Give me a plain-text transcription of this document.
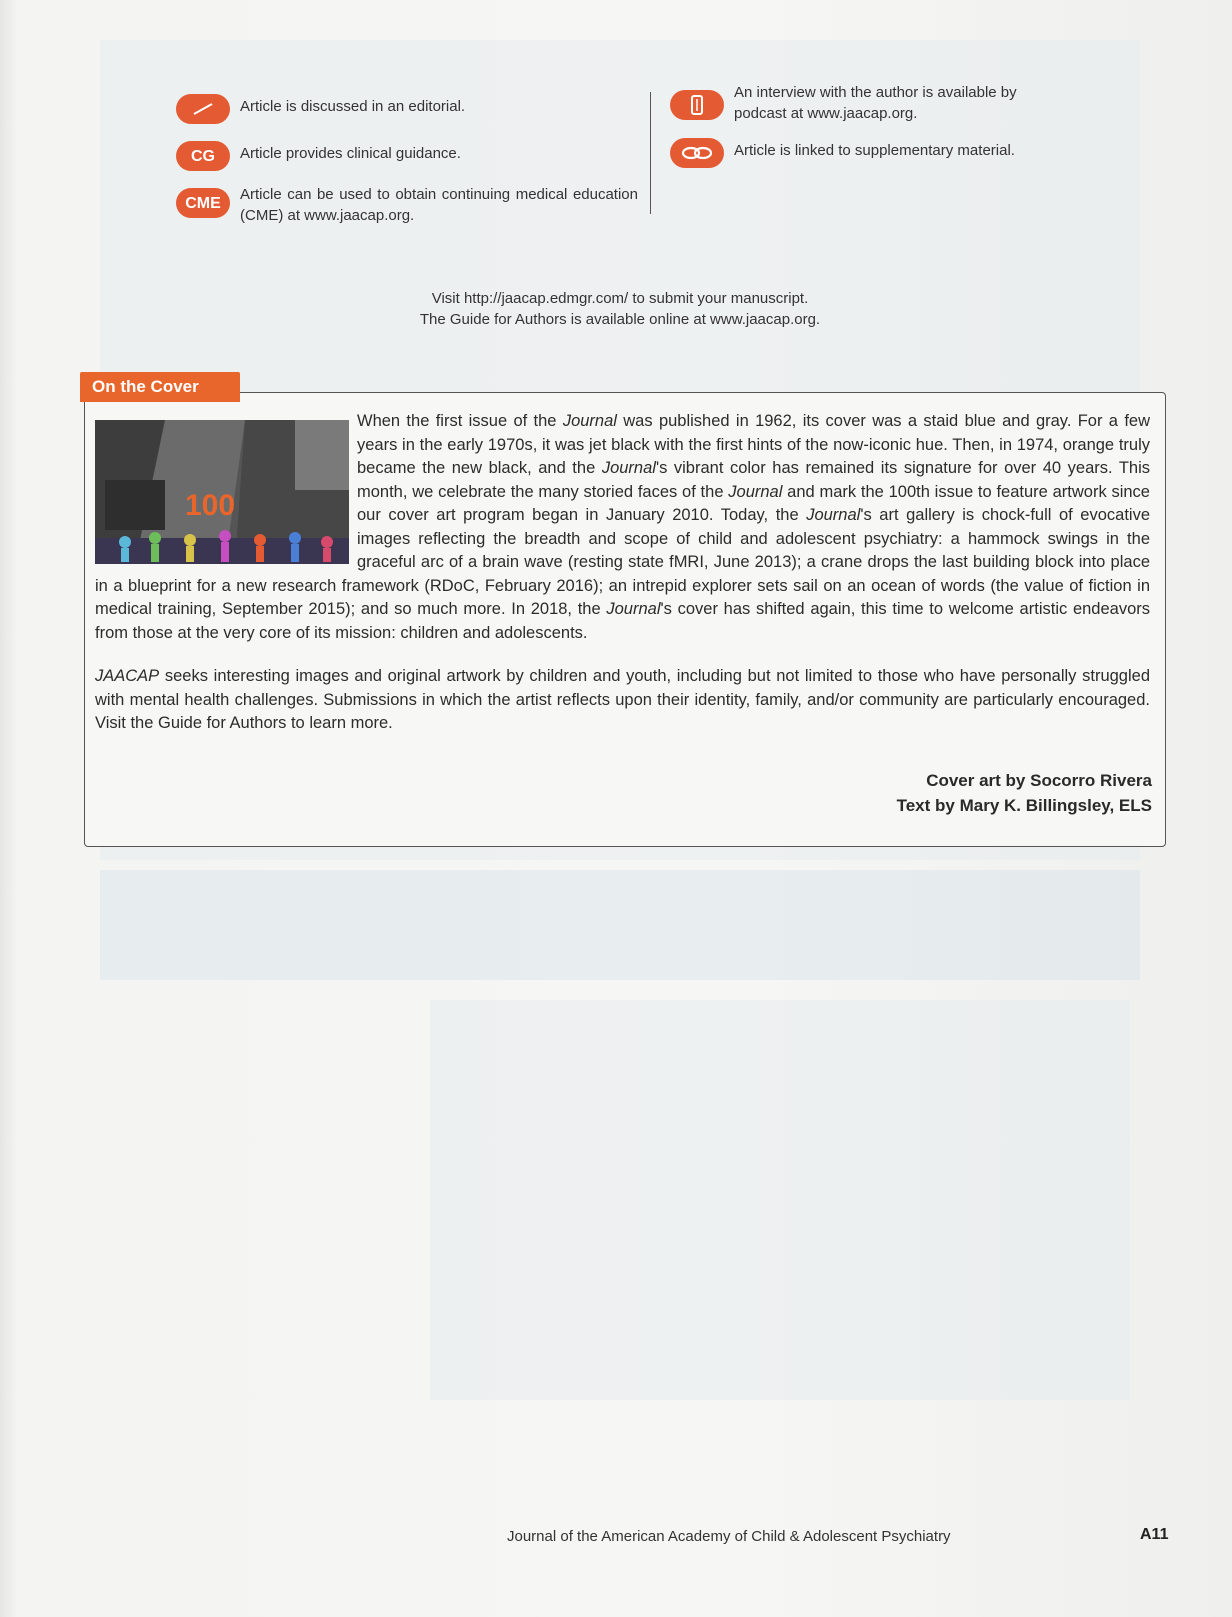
Article is discussed in an editorial.
CG	Article provides clinical guidance.
CME	Article can be used to obtain continuing medical education (CME) at www.jaacap.org.
An interview with the author is available by podcast at www.jaacap.org.
Article is linked to supplementary material.
Visit http://jaacap.edmgr.com/ to submit your manuscript.
The Guide for Authors is available online at www.jaacap.org.
On the Cover
100

When the first issue of the Journal was published in 1962, its cover was a staid blue and gray. For a few years in the early 1970s, it was jet black with the first hints of the now-iconic hue. Then, in 1974, orange truly became the new black, and the Journal's vibrant color has remained its signature for over 40 years. This month, we celebrate the many storied faces of the Journal and mark the 100th issue to feature artwork since our cover art program began in January 2010. Today, the Journal's art gallery is chock-full of evocative images reflecting the breadth and scope of child and adolescent psychiatry: a hammock swings in the graceful arc of a brain wave (resting state fMRI, June 2013); a crane drops the last building block into place in a blueprint for a new research framework (RDoC, February 2016); an intrepid explorer sets sail on an ocean of words (the value of fiction in medical training, September 2015); and so much more. In 2018, the Journal's cover has shifted again, this time to welcome artistic endeavors from those at the very core of its mission: children and adolescents.

JAACAP seeks interesting images and original artwork by children and youth, including but not limited to those who have personally struggled with mental health challenges. Submissions in which the artist reflects upon their identity, family, and/or community are particularly encouraged. Visit the Guide for Authors to learn more.

Cover art by Socorro Rivera
Text by Mary K. Billingsley, ELS
Journal of the American Academy of Child & Adolescent Psychiatry	A11
